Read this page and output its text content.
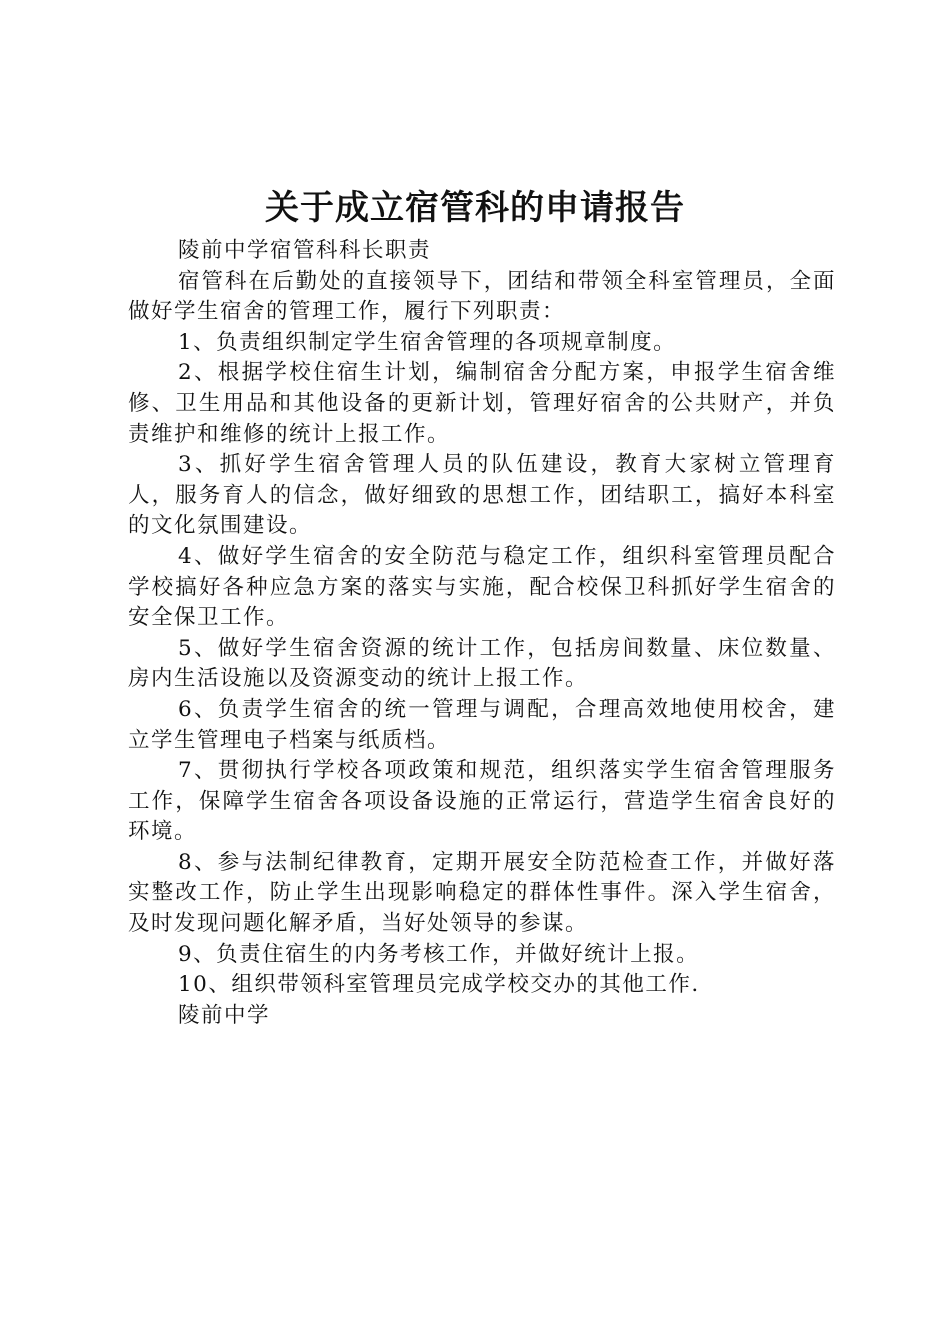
关于成立宿管科的申请报告

陵前中学宿管科科长职责

宿管科在后勤处的直接领导下，团结和带领全科室管理员，全面做好学生宿舍的管理工作，履行下列职责：

1、负责组织制定学生宿舍管理的各项规章制度。

2、根据学校住宿生计划，编制宿舍分配方案，申报学生宿舍维修、卫生用品和其他设备的更新计划，管理好宿舍的公共财产，并负责维护和维修的统计上报工作。

3、抓好学生宿舍管理人员的队伍建设，教育大家树立管理育人，服务育人的信念，做好细致的思想工作，团结职工，搞好本科室的文化氛围建设。

4、做好学生宿舍的安全防范与稳定工作，组织科室管理员配合学校搞好各种应急方案的落实与实施，配合校保卫科抓好学生宿舍的安全保卫工作。

5、做好学生宿舍资源的统计工作，包括房间数量、床位数量、房内生活设施以及资源变动的统计上报工作。

6、负责学生宿舍的统一管理与调配，合理高效地使用校舍，建立学生管理电子档案与纸质档。

7、贯彻执行学校各项政策和规范，组织落实学生宿舍管理服务工作，保障学生宿舍各项设备设施的正常运行，营造学生宿舍良好的环境。

8、参与法制纪律教育，定期开展安全防范检查工作，并做好落实整改工作，防止学生出现影响稳定的群体性事件。深入学生宿舍，及时发现问题化解矛盾，当好处领导的参谋。

9、负责住宿生的内务考核工作，并做好统计上报。

10、组织带领科室管理员完成学校交办的其他工作.

陵前中学
